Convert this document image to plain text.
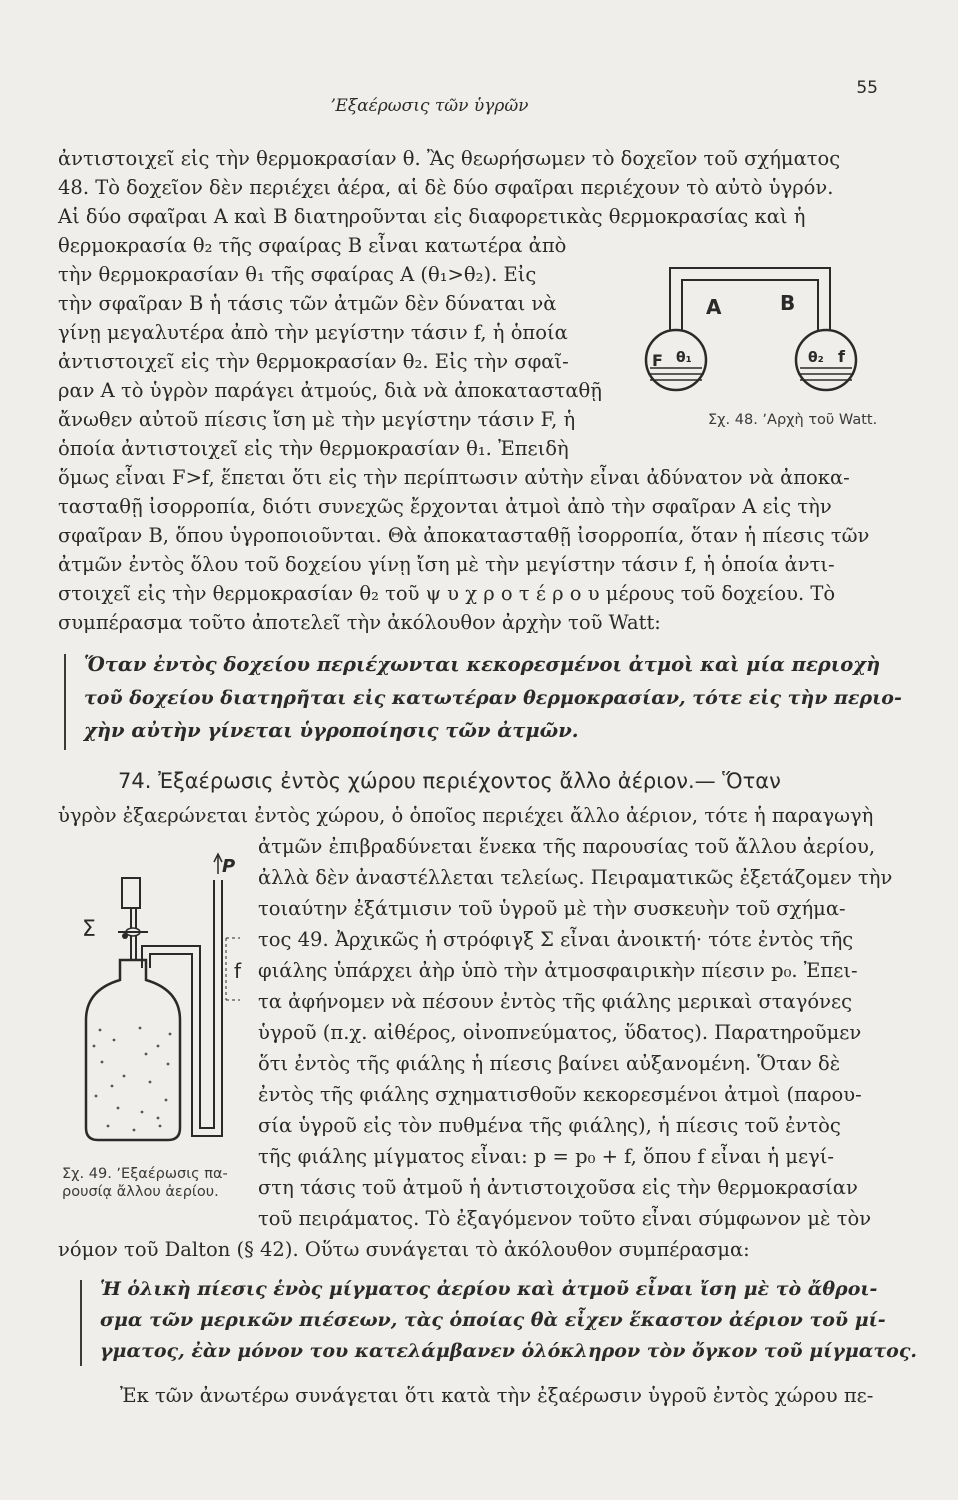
ʼΕξαέρωσις τῶν ὑγρῶν
55
ἀντιστοιχεῖ εἰς τὴν θερμοκρασίαν θ. Ἂς θεωρήσωμεν τὸ δοχεῖον τοῦ σχήματος
48. Τὸ δοχεῖον δὲν περιέχει ἀέρα, αἱ δὲ δύο σφαῖραι περιέχουν τὸ αὐτὸ ὑγρόν.
Αἱ δύο σφαῖραι Α καὶ Β διατηροῦνται εἰς διαφορετικὰς θερμοκρασίας καὶ ἡ
θερμοκρασία θ₂ τῆς σφαίρας Β εἶναι κατωτέρα ἀπὸ
τὴν θερμοκρασίαν θ₁ τῆς σφαίρας Α (θ₁>θ₂). Εἰς
τὴν σφαῖραν Β ἡ τάσις τῶν ἀτμῶν δὲν δύναται νὰ
γίνῃ μεγαλυτέρα ἀπὸ τὴν μεγίστην τάσιν f, ἡ ὁποία
ἀντιστοιχεῖ εἰς τὴν θερμοκρασίαν θ₂. Εἰς τὴν σφαῖ-
ραν Α τὸ ὑγρὸν παράγει ἀτμούς, διὰ νὰ ἀποκατασταθῇ
ἄνωθεν αὐτοῦ πίεσις ἴση μὲ τὴν μεγίστην τάσιν F, ἡ
ὁποία ἀντιστοιχεῖ εἰς τὴν θερμοκρασίαν θ₁. Ἐπειδὴ
ὅμως εἶναι F>f, ἕπεται ὅτι εἰς τὴν περίπτωσιν αὐτὴν εἶναι ἀδύνατον νὰ ἀποκα-
τασταθῇ ἰσορροπία, διότι συνεχῶς ἔρχονται ἀτμοὶ ἀπὸ τὴν σφαῖραν Α εἰς τὴν
σφαῖραν Β, ὅπου ὑγροποιοῦνται. Θὰ ἀποκατασταθῇ ἰσορροπία, ὅταν ἡ πίεσις τῶν
ἀτμῶν ἐντὸς ὅλου τοῦ δοχείου γίνῃ ἴση μὲ τὴν μεγίστην τάσιν f, ἡ ὁποία ἀντι-
στοιχεῖ εἰς τὴν θερμοκρασίαν θ₂ τοῦ ψ υ χ ρ ο τ έ ρ ο υ μέρους τοῦ δοχείου. Τὸ
συμπέρασμα τοῦτο ἀποτελεῖ τὴν ἀκόλουθον ἀρχὴν τοῦ Watt:
A	B
F θ₁	θ₂ f
Σχ. 48. ʼΑρχὴ τοῦ Watt.
Ὅταν ἐντὸς δοχείου περιέχωνται κεκορεσμένοι ἀτμοὶ καὶ μία περιοχὴ
τοῦ δοχείου διατηρῆται εἰς κατωτέραν θερμοκρασίαν, τότε εἰς τὴν περιο-
χὴν αὐτὴν γίνεται ὑγροποίησις τῶν ἀτμῶν.
74. Ἐξαέρωσις ἐντὸς χώρου περιέχοντος ἄλλο ἀέριον.— Ὅταν
ὑγρὸν ἐξαερώνεται ἐντὸς χώρου, ὁ ὁποῖος περιέχει ἄλλο ἀέριον, τότε ἡ παραγωγὴ
ἀτμῶν ἐπιβραδύνεται ἕνεκα τῆς παρουσίας τοῦ ἄλλου ἀερίου,
ἀλλὰ δὲν ἀναστέλλεται τελείως. Πειραματικῶς ἐξετάζομεν τὴν
τοιαύτην ἐξάτμισιν τοῦ ὑγροῦ μὲ τὴν συσκευὴν τοῦ σχήμα-
τος 49. Ἀρχικῶς ἡ στρόφιγξ Σ εἶναι ἀνοικτή· τότε ἐντὸς τῆς
φιάλης ὑπάρχει ἀὴρ ὑπὸ τὴν ἀτμοσφαιρικὴν πίεσιν p₀. Ἐπει-
τα ἀφήνομεν νὰ πέσουν ἐντὸς τῆς φιάλης μερικαὶ σταγόνες
ὑγροῦ (π.χ. αἰθέρος, οἰνοπνεύματος, ὕδατος). Παρατηροῦμεν
ὅτι ἐντὸς τῆς φιάλης ἡ πίεσις βαίνει αὐξανομένη. Ὅταν δὲ
ἐντὸς τῆς φιάλης σχηματισθοῦν κεκορεσμένοι ἀτμοὶ (παρου-
σία ὑγροῦ εἰς τὸν πυθμένα τῆς φιάλης), ἡ πίεσις τοῦ ἐντὸς
τῆς φιάλης μίγματος εἶναι: p = p₀ + f, ὅπου f εἶναι ἡ μεγί-
στη τάσις τοῦ ἀτμοῦ ἡ ἀντιστοιχοῦσα εἰς τὴν θερμοκρασίαν
τοῦ πειράματος. Τὸ ἐξαγόμενον τοῦτο εἶναι σύμφωνον μὲ τὸν
νόμον τοῦ Dalton (§ 42). Οὕτω συνάγεται τὸ ἀκόλουθον συμπέρασμα:
Σ
P
f
Σχ. 49. ʼΕξαέρωσις πα-
ρουσίᾳ ἄλλου ἀερίου.
Ἡ ὁλικὴ πίεσις ἑνὸς μίγματος ἀερίου καὶ ἀτμοῦ εἶναι ἴση μὲ τὸ ἄθροι-
σμα τῶν μερικῶν πιέσεων, τὰς ὁποίας θὰ εἶχεν ἕκαστον ἀέριον τοῦ μί-
γματος, ἐὰν μόνον του κατελάμβανεν ὁλόκληρον τὸν ὄγκον τοῦ μίγματος.
Ἐκ τῶν ἀνωτέρω συνάγεται ὅτι κατὰ τὴν ἐξαέρωσιν ὑγροῦ ἐντὸς χώρου πε-
